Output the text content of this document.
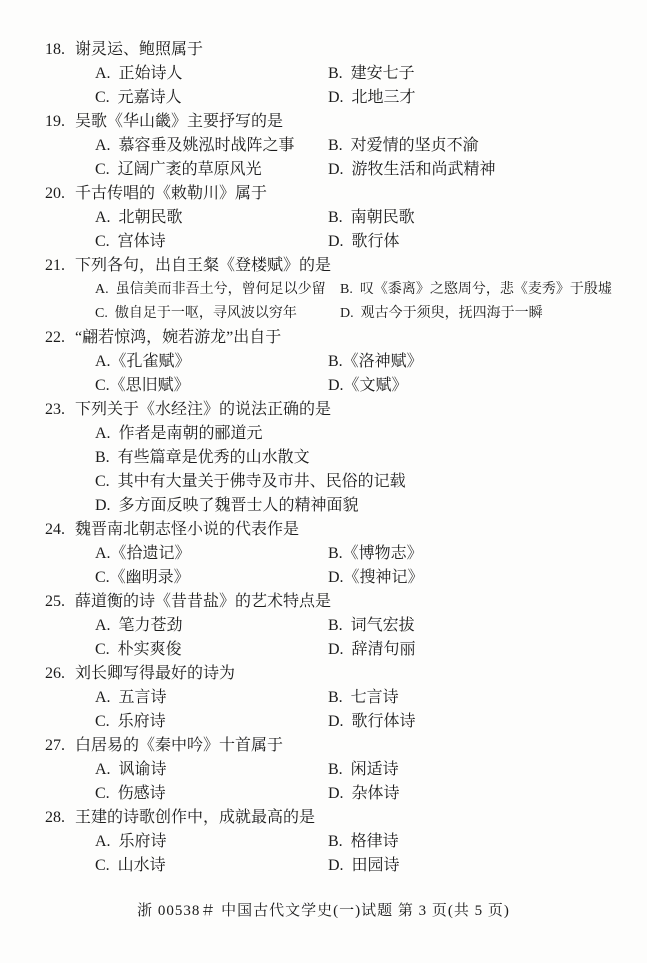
18. 谢灵运、鲍照属于
A.  正始诗人	B.  建安七子
C.  元嘉诗人	D.  北地三才
19. 吴歌《华山畿》主要抒写的是
A.  慕容垂及姚泓时战阵之事	B.  对爱情的坚贞不渝
C.  辽阔广袤的草原风光	D.  游牧生活和尚武精神
20. 千古传唱的《敕勒川》属于
A.  北朝民歌	B.  南朝民歌
C.  宫体诗	D.  歌行体
21. 下列各句，出自王粲《登楼赋》的是
A.  虽信美而非吾土兮，曾何足以少留	B.  叹《黍离》之愍周兮，悲《麦秀》于殷墟
C.  傲自足于一呕，寻风波以穷年	D.  观古今于须臾，抚四海于一瞬
22. “翩若惊鸿，婉若游龙”出自于
A.《孔雀赋》	B.《洛神赋》
C.《思旧赋》	D.《文赋》
23. 下列关于《水经注》的说法正确的是
A.  作者是南朝的郦道元
B.  有些篇章是优秀的山水散文
C.  其中有大量关于佛寺及市井、民俗的记载
D.  多方面反映了魏晋士人的精神面貌
24. 魏晋南北朝志怪小说的代表作是
A.《拾遗记》	B.《博物志》
C.《幽明录》	D.《搜神记》
25. 薛道衡的诗《昔昔盐》的艺术特点是
A.  笔力苍劲	B.  词气宏拔
C.  朴实爽俊	D.  辞清句丽
26. 刘长卿写得最好的诗为
A.  五言诗	B.  七言诗
C.  乐府诗	D.  歌行体诗
27. 白居易的《秦中吟》十首属于
A.  讽谕诗	B.  闲适诗
C.  伤感诗	D.  杂体诗
28. 王建的诗歌创作中，成就最高的是
A.  乐府诗	B.  格律诗
C.  山水诗	D.  田园诗
浙 00538＃ 中国古代文学史(一)试题 第 3 页(共 5 页)
